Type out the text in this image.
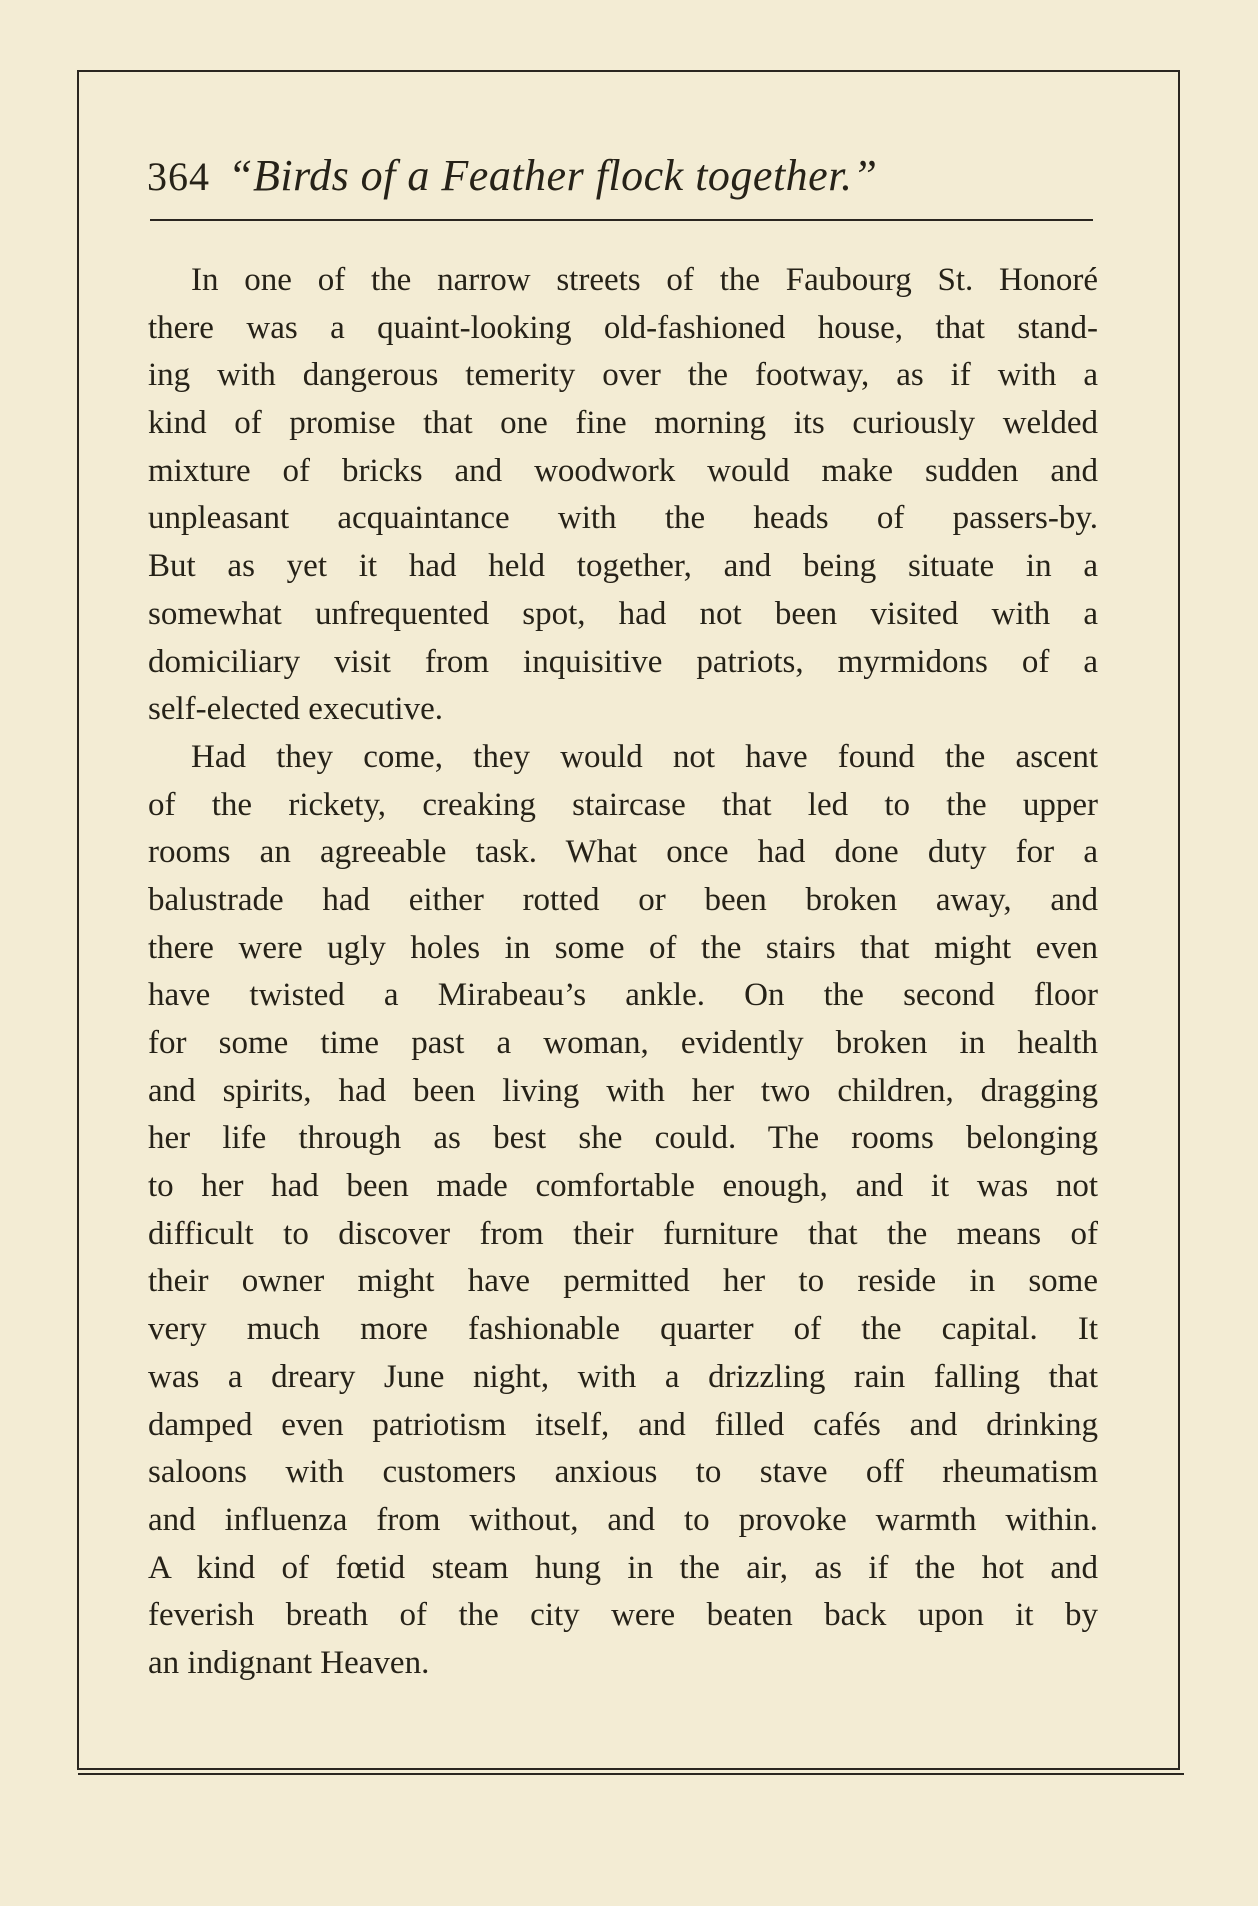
364 “Birds of a Feather flock together.”
In one of the narrow streets of the Faubourg St. Honoré
there was a quaint-looking old-fashioned house, that stand-
ing with dangerous temerity over the footway, as if with a
kind of promise that one fine morning its curiously welded
mixture of bricks and woodwork would make sudden and
unpleasant acquaintance with the heads of passers-by.
But as yet it had held together, and being situate in a
somewhat unfrequented spot, had not been visited with a
domiciliary visit from inquisitive patriots, myrmidons of a
self-elected executive.
Had they come, they would not have found the ascent
of the rickety, creaking staircase that led to the upper
rooms an agreeable task. What once had done duty for a
balustrade had either rotted or been broken away, and
there were ugly holes in some of the stairs that might even
have twisted a Mirabeau’s ankle. On the second floor
for some time past a woman, evidently broken in health
and spirits, had been living with her two children, dragging
her life through as best she could. The rooms belonging
to her had been made comfortable enough, and it was not
difficult to discover from their furniture that the means of
their owner might have permitted her to reside in some
very much more fashionable quarter of the capital. It
was a dreary June night, with a drizzling rain falling that
damped even patriotism itself, and filled cafés and drinking
saloons with customers anxious to stave off rheumatism
and influenza from without, and to provoke warmth within.
A kind of fœtid steam hung in the air, as if the hot and
feverish breath of the city were beaten back upon it by
an indignant Heaven.
